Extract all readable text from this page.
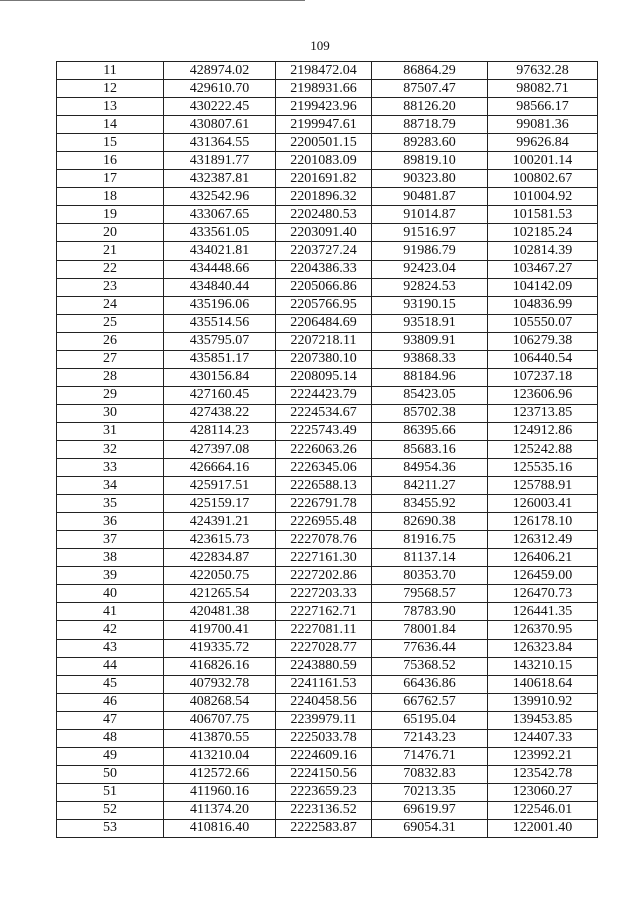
109
11	428974.02	2198472.04	86864.29	97632.28
12	429610.70	2198931.66	87507.47	98082.71
13	430222.45	2199423.96	88126.20	98566.17
14	430807.61	2199947.61	88718.79	99081.36
15	431364.55	2200501.15	89283.60	99626.84
16	431891.77	2201083.09	89819.10	100201.14
17	432387.81	2201691.82	90323.80	100802.67
18	432542.96	2201896.32	90481.87	101004.92
19	433067.65	2202480.53	91014.87	101581.53
20	433561.05	2203091.40	91516.97	102185.24
21	434021.81	2203727.24	91986.79	102814.39
22	434448.66	2204386.33	92423.04	103467.27
23	434840.44	2205066.86	92824.53	104142.09
24	435196.06	2205766.95	93190.15	104836.99
25	435514.56	2206484.69	93518.91	105550.07
26	435795.07	2207218.11	93809.91	106279.38
27	435851.17	2207380.10	93868.33	106440.54
28	430156.84	2208095.14	88184.96	107237.18
29	427160.45	2224423.79	85423.05	123606.96
30	427438.22	2224534.67	85702.38	123713.85
31	428114.23	2225743.49	86395.66	124912.86
32	427397.08	2226063.26	85683.16	125242.88
33	426664.16	2226345.06	84954.36	125535.16
34	425917.51	2226588.13	84211.27	125788.91
35	425159.17	2226791.78	83455.92	126003.41
36	424391.21	2226955.48	82690.38	126178.10
37	423615.73	2227078.76	81916.75	126312.49
38	422834.87	2227161.30	81137.14	126406.21
39	422050.75	2227202.86	80353.70	126459.00
40	421265.54	2227203.33	79568.57	126470.73
41	420481.38	2227162.71	78783.90	126441.35
42	419700.41	2227081.11	78001.84	126370.95
43	419335.72	2227028.77	77636.44	126323.84
44	416826.16	2243880.59	75368.52	143210.15
45	407932.78	2241161.53	66436.86	140618.64
46	408268.54	2240458.56	66762.57	139910.92
47	406707.75	2239979.11	65195.04	139453.85
48	413870.55	2225033.78	72143.23	124407.33
49	413210.04	2224609.16	71476.71	123992.21
50	412572.66	2224150.56	70832.83	123542.78
51	411960.16	2223659.23	70213.35	123060.27
52	411374.20	2223136.52	69619.97	122546.01
53	410816.40	2222583.87	69054.31	122001.40
